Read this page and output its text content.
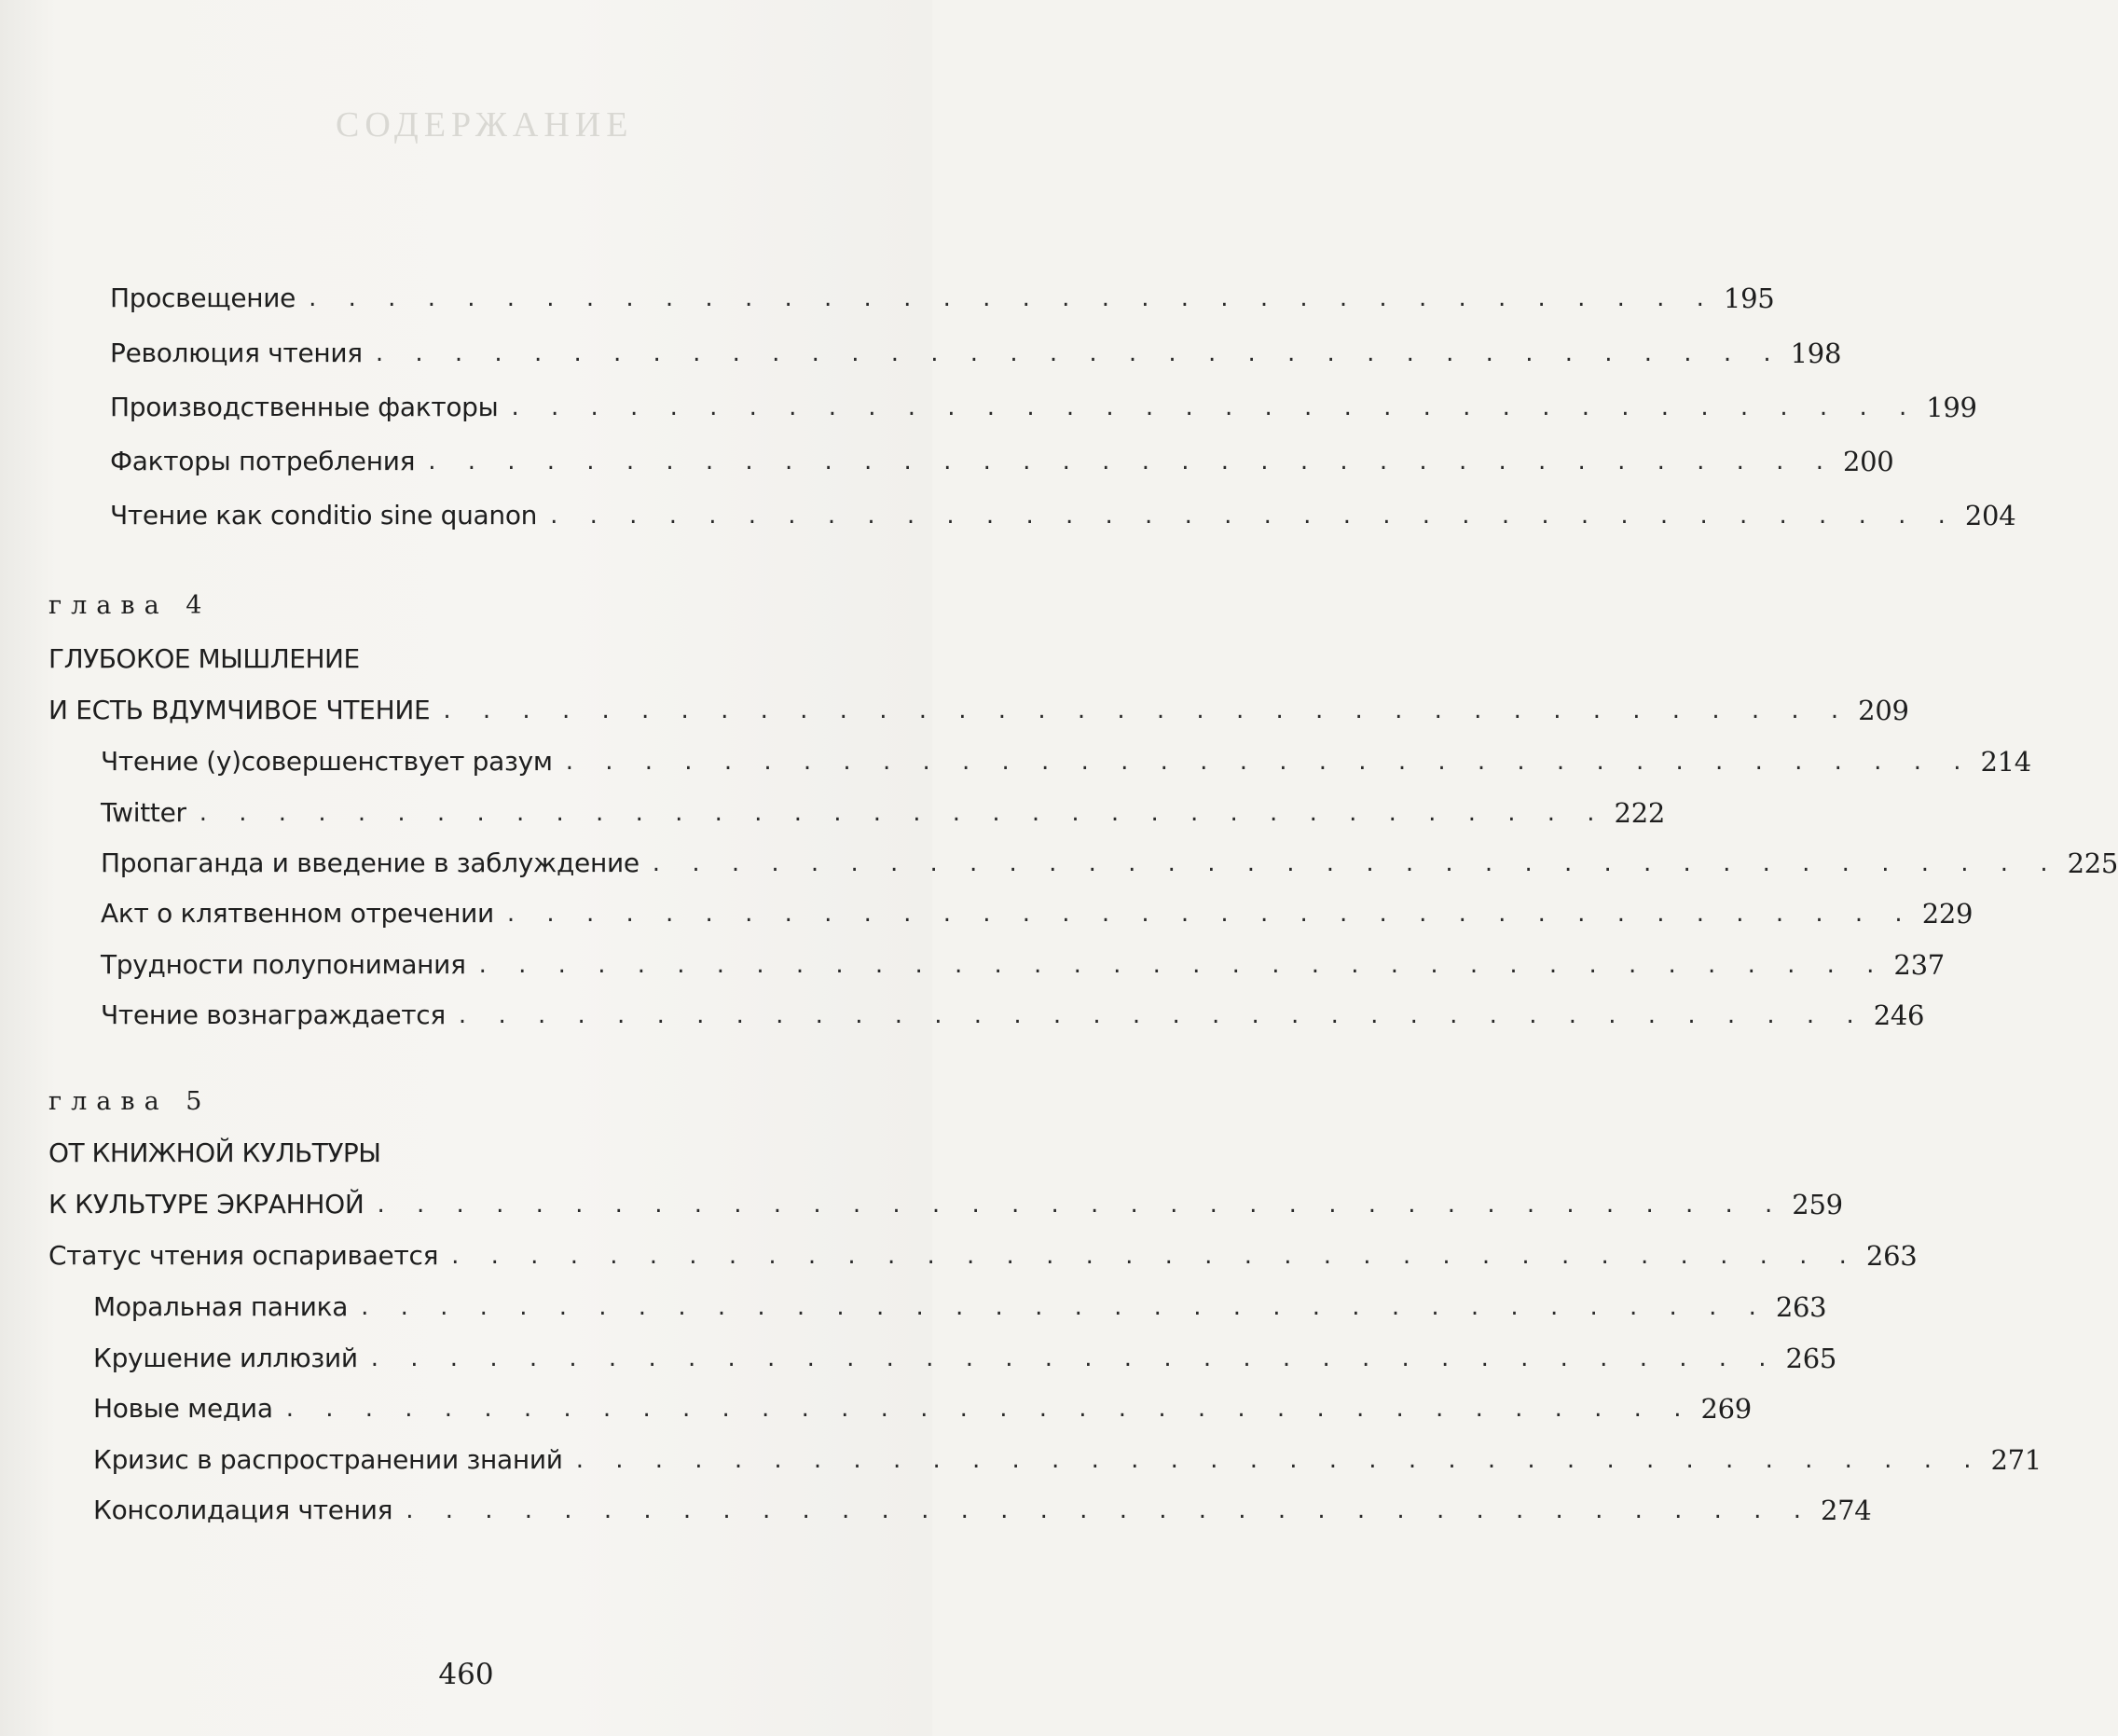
СОДЕРЖАНИЕ
Просвещение . . . . . . . . . . . . . . . . . . . . . . . . . . . . . . . . . . . . 195
Революция чтения . . . . . . . . . . . . . . . . . . . . . . . . . . . . . . . . . . . . 198
Производственные факторы . . . . . . . . . . . . . . . . . . . . . . . . . . . . . . . . . . . . 199
Факторы потребления . . . . . . . . . . . . . . . . . . . . . . . . . . . . . . . . . . . . 200
Чтение как conditio sine quanon . . . . . . . . . . . . . . . . . . . . . . . . . . . . . . . . . . . . 204
глава 4
ГЛУБОКОЕ МЫШЛЕНИЕ
И ЕСТЬ ВДУМЧИВОЕ ЧТЕНИЕ . . . . . . . . . . . . . . . . . . . . . . . . . . . . . . . . . . . . 209
Чтение (у)совершенствует разум . . . . . . . . . . . . . . . . . . . . . . . . . . . . . . . . . . . . 214
Twitter . . . . . . . . . . . . . . . . . . . . . . . . . . . . . . . . . . . . 222
Пропаганда и введение в заблуждение . . . . . . . . . . . . . . . . . . . . . . . . . . . . . . . . . . . . 225
Акт о клятвенном отречении . . . . . . . . . . . . . . . . . . . . . . . . . . . . . . . . . . . . 229
Трудности полупонимания . . . . . . . . . . . . . . . . . . . . . . . . . . . . . . . . . . . . 237
Чтение вознаграждается . . . . . . . . . . . . . . . . . . . . . . . . . . . . . . . . . . . . 246
глава 5
ОТ КНИЖНОЙ КУЛЬТУРЫ
К КУЛЬТУРЕ ЭКРАННОЙ . . . . . . . . . . . . . . . . . . . . . . . . . . . . . . . . . . . . 259
Статус чтения оспаривается . . . . . . . . . . . . . . . . . . . . . . . . . . . . . . . . . . . . 263
Моральная паника . . . . . . . . . . . . . . . . . . . . . . . . . . . . . . . . . . . . 263
Крушение иллюзий . . . . . . . . . . . . . . . . . . . . . . . . . . . . . . . . . . . . 265
Новые медиа . . . . . . . . . . . . . . . . . . . . . . . . . . . . . . . . . . . . 269
Кризис в распространении знаний . . . . . . . . . . . . . . . . . . . . . . . . . . . . . . . . . . . . 271
Консолидация чтения . . . . . . . . . . . . . . . . . . . . . . . . . . . . . . . . . . . . 274
460
